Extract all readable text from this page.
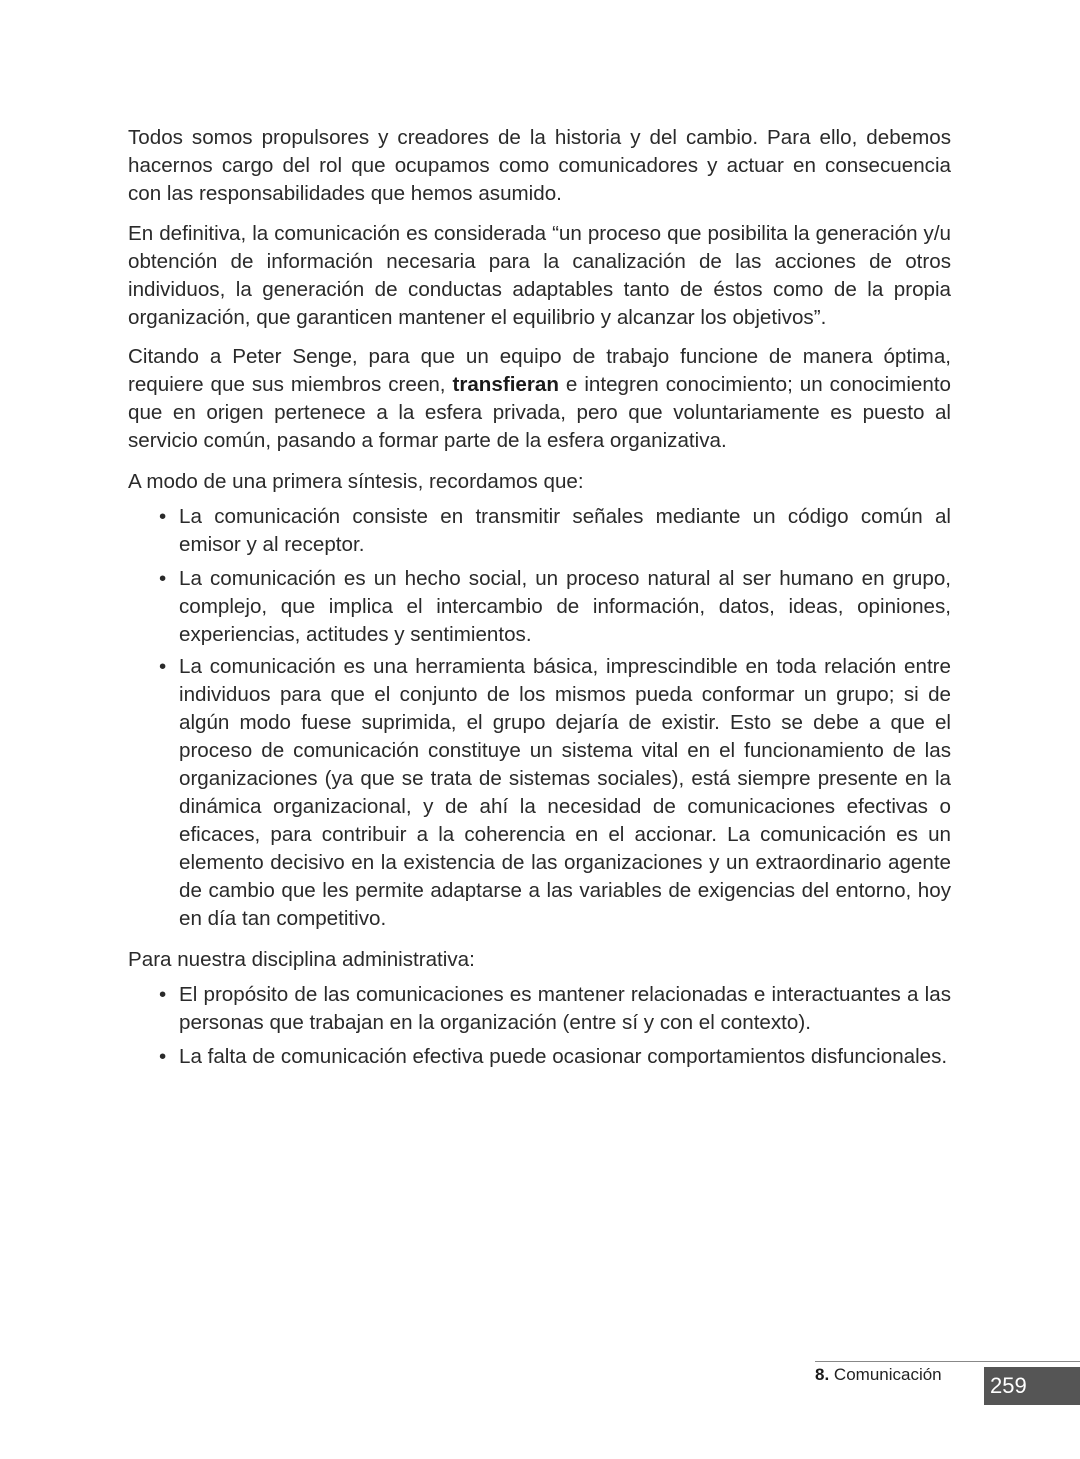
Todos somos propulsores y creadores de la historia y del cambio. Para ello, debemos hacernos cargo del rol que ocupamos como comunicadores y actuar en consecuencia con las responsabilidades que hemos asumido.
En definitiva, la comunicación es considerada “un proceso que posibilita la generación y/u obtención de información necesaria para la canalización de las acciones de otros individuos, la generación de conductas adaptables tanto de éstos como de la propia organización, que garanticen mantener el equilibrio y alcanzar los objetivos”.
Citando a Peter Senge, para que un equipo de trabajo funcione de manera óptima, requiere que sus miembros creen, transfieran e integren conocimiento; un conocimiento que en origen pertenece a la esfera privada, pero que voluntariamente es puesto al servicio común, pasando a formar parte de la esfera organizativa.
A modo de una primera síntesis, recordamos que:
• La comunicación consiste en transmitir señales mediante un código común al emisor y al receptor.
• La comunicación es un hecho social, un proceso natural al ser humano en grupo, complejo, que implica el intercambio de información, datos, ideas, opiniones, experiencias, actitudes y sentimientos.
• La comunicación es una herramienta básica, imprescindible en toda relación entre individuos para que el conjunto de los mismos pueda conformar un grupo; si de algún modo fuese suprimida, el grupo dejaría de existir. Esto se debe a que el proceso de comunicación constituye un sistema vital en el funcionamiento de las organizaciones (ya que se trata de sistemas sociales), está siempre presente en la dinámica organizacional, y de ahí la necesidad de comunicaciones efectivas o eficaces, para contribuir a la coherencia en el accionar. La comunicación es un elemento decisivo en la existencia de las organizaciones y un extraordinario agente de cambio que les permite adaptarse a las variables de exigencias del entorno, hoy en día tan competitivo.
Para nuestra disciplina administrativa:
• El propósito de las comunicaciones es mantener relacionadas e interactuantes a las personas que trabajan en la organización (entre sí y con el contexto).
• La falta de comunicación efectiva puede ocasionar comportamientos disfuncionales.
8. Comunicación 259
